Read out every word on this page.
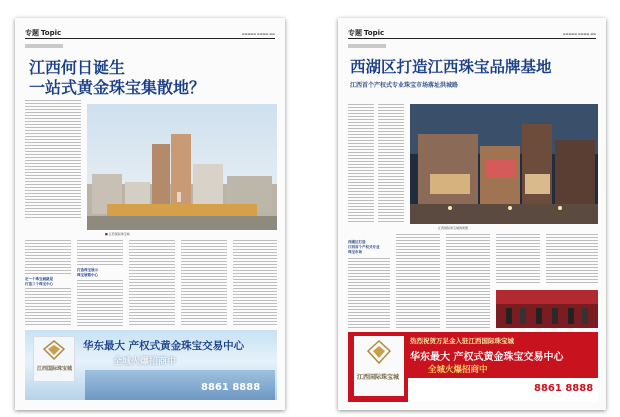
专题 Topic	▬▬▬▬▬ ▬▬▬▬ ▬▬
江西何日诞生
一站式黄金珠宝集散地？
■ 江西国际珠宝城
定一个珠宝城就是
打造三个珠宝中心
打造珠宝展示
珠宝展销中心
江西国际珠宝城
华东最大 产权式黄金珠宝交易中心
全城火爆招商中
8861 8888
专题 Topic	▬▬▬▬▬ ▬▬▬▬ ▬▬
西湖区打造江西珠宝品牌基地
江西首个产权式专业珠宝市场落址洪城路
江西国际珠宝城效果图
西湖区打造
江西首个产权式专业
珠宝市场
江西国际珠宝城
热烈祝贺万足金入驻江西国际珠宝城
华东最大 产权式黄金珠宝交易中心
全城火爆招商中
8861 8888
